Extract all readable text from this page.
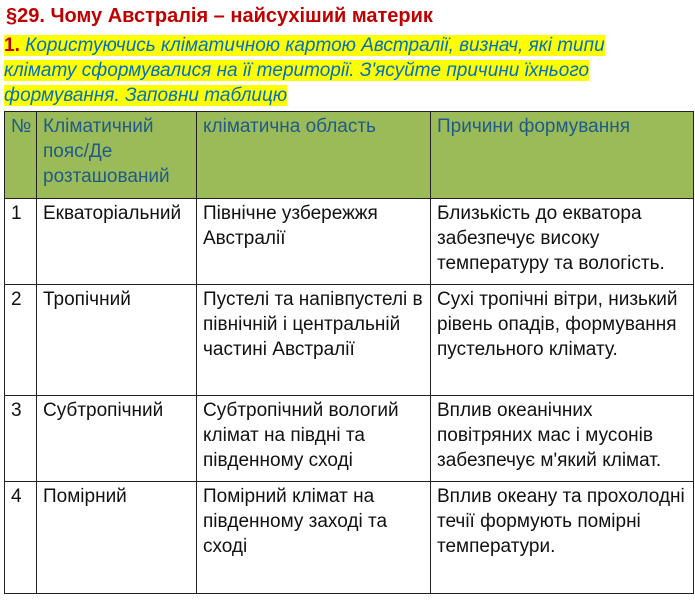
§29. Чому Австралія – найсухіший материк
1. Користуючись кліматичною картою Австралії, визнач, які типи клімату сформувалися на її території. З'ясуйте причини їхнього формування. Заповни таблицю
№	Кліматичний пояс/Де розташований	кліматична область	Причини формування
1	Екваторіальний	Північне узбережжя Австралії	Близькість до екватора забезпечує високу температуру та вологість.
2	Тропічний	Пустелі та напівпустелі в північній і центральній частині Австралії	Сухі тропічні вітри, низький рівень опадів, формування пустельного клімату.
3	Субтропічний	Субтропічний вологий клімат на півдні та південному сході	Вплив океанічних повітряних мас і мусонів забезпечує м'який клімат.
4	Помірний	Помірний клімат на південному заході та сході	Вплив океану та прохолодні течії формують помірні температури.
